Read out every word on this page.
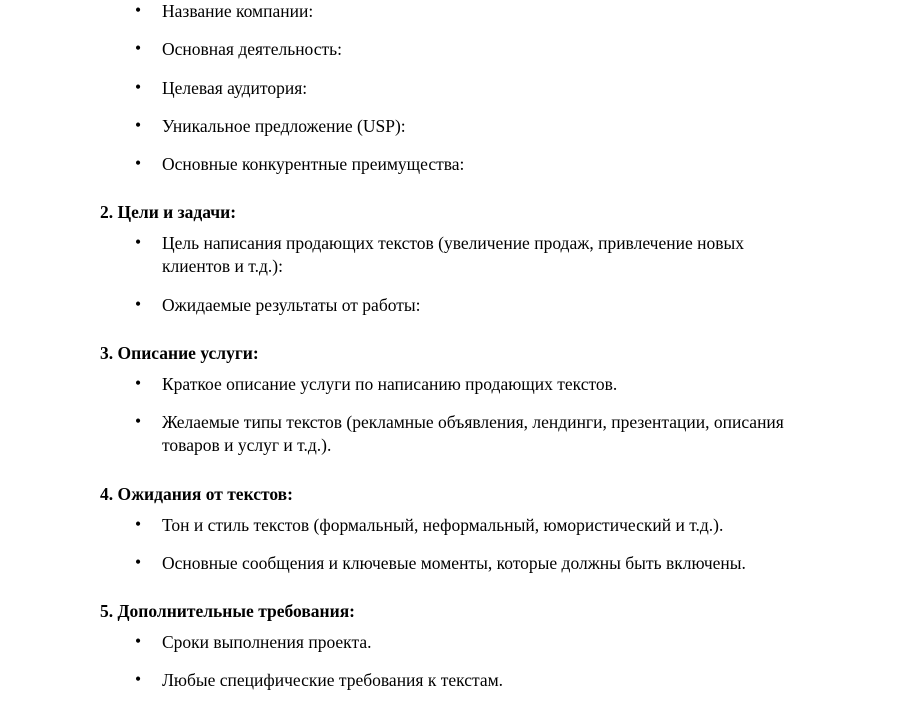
• Название компании:
• Основная деятельность:
• Целевая аудитория:
• Уникальное предложение (USP):
• Основные конкурентные преимущества:
2. Цели и задачи:
• Цель написания продающих текстов (увеличение продаж, привлечение новых клиентов и т.д.):
• Ожидаемые результаты от работы:
3. Описание услуги:
• Краткое описание услуги по написанию продающих текстов.
• Желаемые типы текстов (рекламные объявления, лендинги, презентации, описания товаров и услуг и т.д.).
4. Ожидания от текстов:
• Тон и стиль текстов (формальный, неформальный, юмористический и т.д.).
• Основные сообщения и ключевые моменты, которые должны быть включены.
5. Дополнительные требования:
• Сроки выполнения проекта.
• Любые специфические требования к текстам.
